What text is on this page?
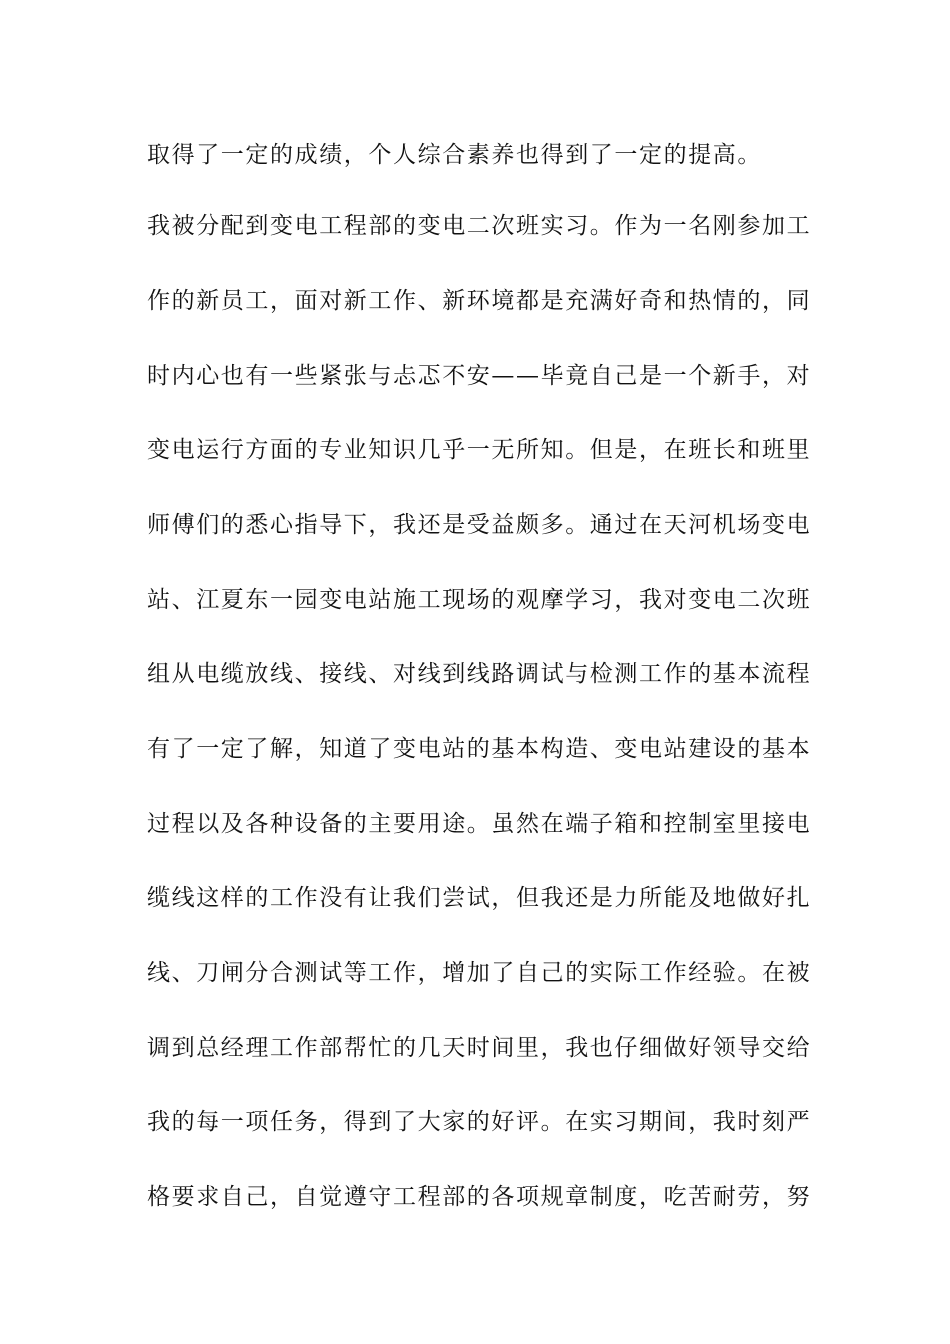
取得了一定的成绩，个人综合素养也得到了一定的提高。
我被分配到变电工程部的变电二次班实习。作为一名刚参加工
作的新员工，面对新工作、新环境都是充满好奇和热情的，同
时内心也有一些紧张与忐忑不安——毕竟自己是一个新手，对
变电运行方面的专业知识几乎一无所知。但是，在班长和班里
师傅们的悉心指导下，我还是受益颇多。通过在天河机场变电
站、江夏东一园变电站施工现场的观摩学习，我对变电二次班
组从电缆放线、接线、对线到线路调试与检测工作的基本流程
有了一定了解，知道了变电站的基本构造、变电站建设的基本
过程以及各种设备的主要用途。虽然在端子箱和控制室里接电
缆线这样的工作没有让我们尝试，但我还是力所能及地做好扎
线、刀闸分合测试等工作，增加了自己的实际工作经验。在被
调到总经理工作部帮忙的几天时间里，我也仔细做好领导交给
我的每一项任务，得到了大家的好评。在实习期间，我时刻严
格要求自己，自觉遵守工程部的各项规章制度，吃苦耐劳，努
